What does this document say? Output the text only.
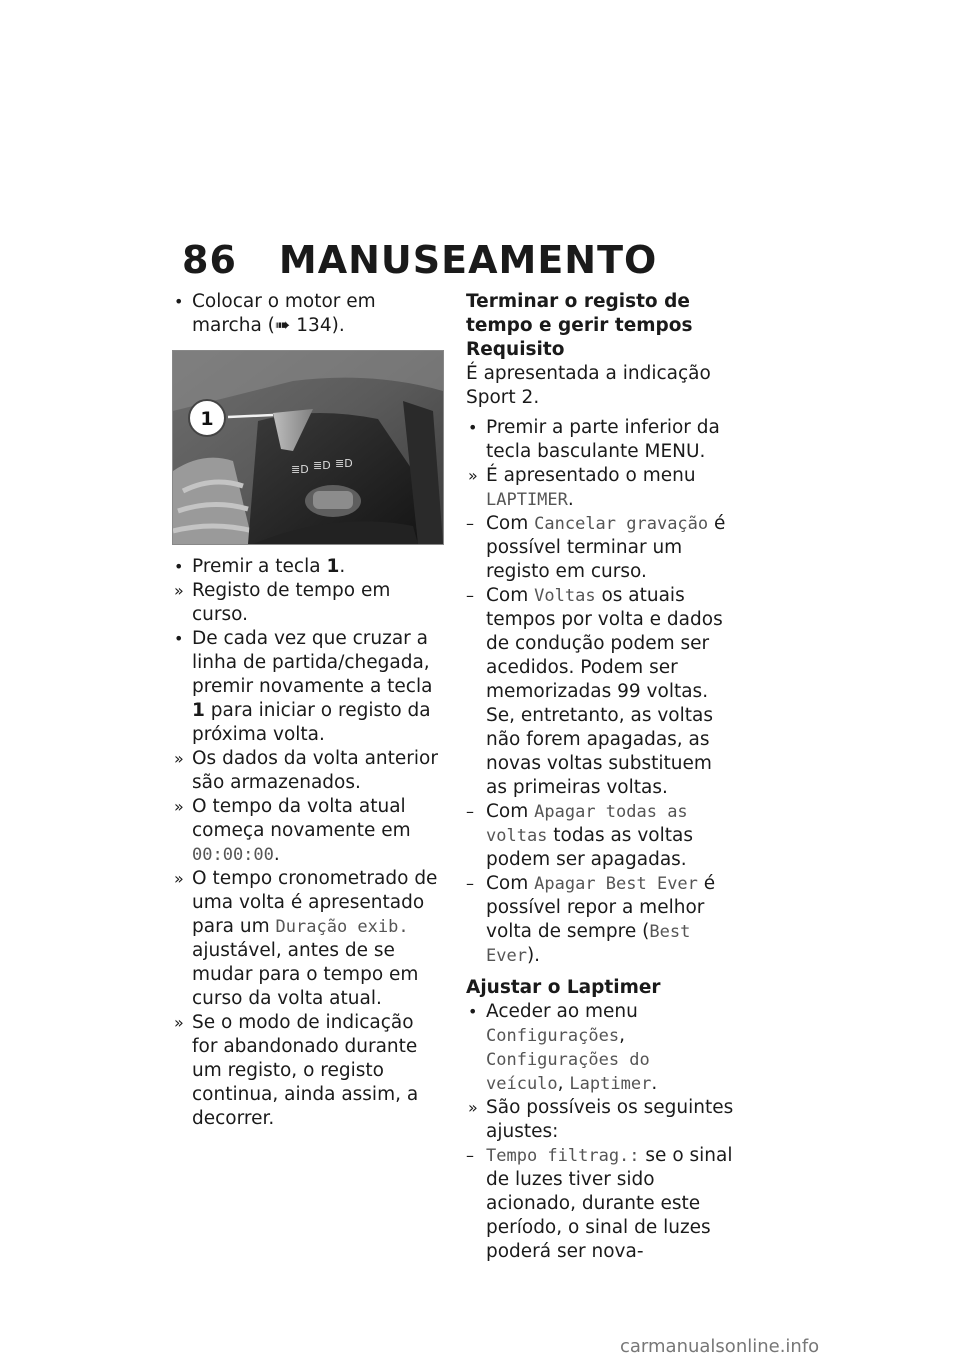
86 MANUSEAMENTO
• Colocar o motor em marcha (➠ 134).
≣D ≣D ≣D
1
• Premir a tecla 1.
» Registo de tempo em curso.
• De cada vez que cruzar a linha de partida/chegada, premir novamente a tecla 1 para iniciar o registo da próxima volta.
» Os dados da volta anterior são armazenados.
» O tempo da volta atual começa novamente em 00:00:00.
» O tempo cronometrado de uma volta é apresentado para um Duração exib. ajustável, antes de se mudar para o tempo em curso da volta atual.
» Se o modo de indicação for abandonado durante um registo, o registo continua, ainda assim, a decorrer.

Terminar o registo de tempo e gerir tempos

Requisito

É apresentada a indicação Sport 2.

• Premir a parte inferior da tecla basculante MENU.
» É apresentado o menu LAPTIMER.
– Com Cancelar gravação é possível terminar um registo em curso.
– Com Voltas os atuais tempos por volta e dados de condução podem ser acedidos. Podem ser memorizadas 99 voltas. Se, entretanto, as voltas não forem apagadas, as novas voltas substituem as primeiras voltas.
– Com Apagar todas as voltas todas as voltas podem ser apagadas.
– Com Apagar Best Ever é possível repor a melhor volta de sempre (Best Ever).

Ajustar o Laptimer

• Aceder ao menu Configurações, Configurações do veículo, Laptimer.
» São possíveis os seguintes ajustes:
– Tempo filtrag.: se o sinal de luzes tiver sido acionado, durante este período, o sinal de luzes poderá ser nova-
carmanualsonline.info
